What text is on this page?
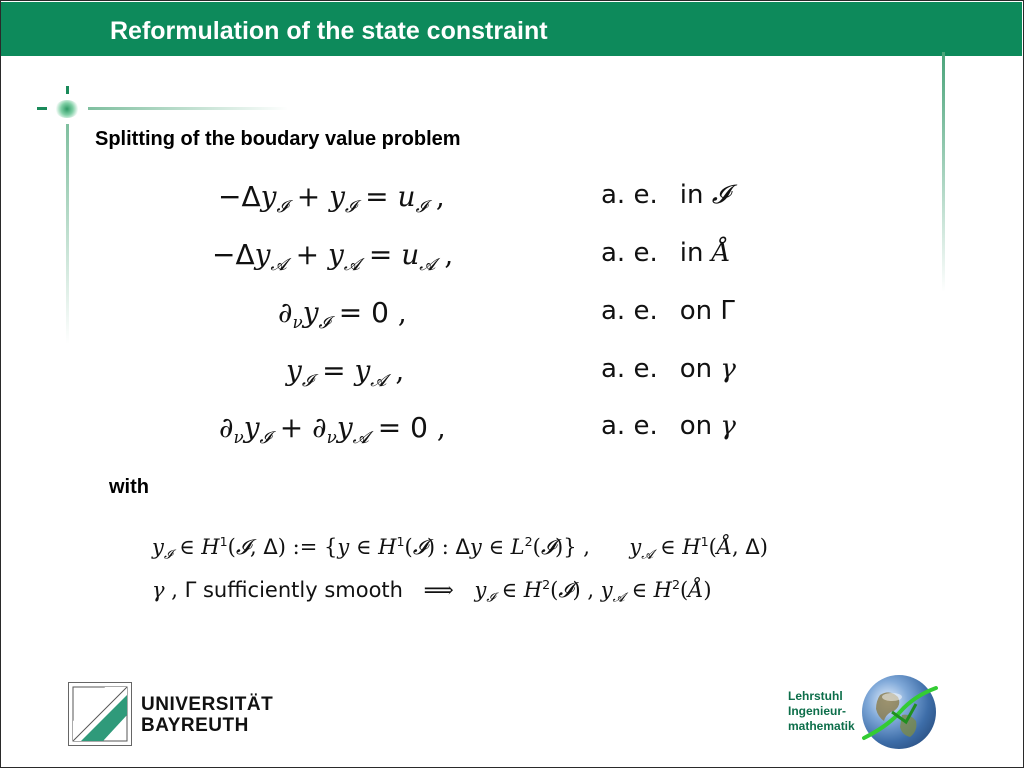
Reformulation of the state constraint
Splitting of the boudary value problem
$-\Delta y_𝓘 + y_𝓘 = u_𝓘$ ,	a. e. in 𝓘
$-\Delta y_𝓐 + y_𝓐 = u_𝓐$ ,	a. e. in Å
$\partial_\nu y_𝓘 = 0$ ,	a. e. on Γ
$y_𝓘 = y_𝓐$ ,	a. e. on γ
$\partial_\nu y_𝓘 + \partial_\nu y_𝓐 = 0$ ,	a. e. on γ
with
$y_𝓘$ ∈ $H^1(𝓘$, Δ) := {y ∈ $H^1(𝓘)$ : Δy ∈ $L^2(𝓘)$} ,  $y_𝓐$ ∈ $H^1(Å$, Δ)
γ , Γ sufficiently smooth ⟹ $y_𝓘$ ∈ $H^2(𝓘)$ , $y_𝓐$ ∈ $H^2(Å)$
UNIVERSITÄT
BAYREUTH
Lehrstuhl
Ingenieur-
mathematik
